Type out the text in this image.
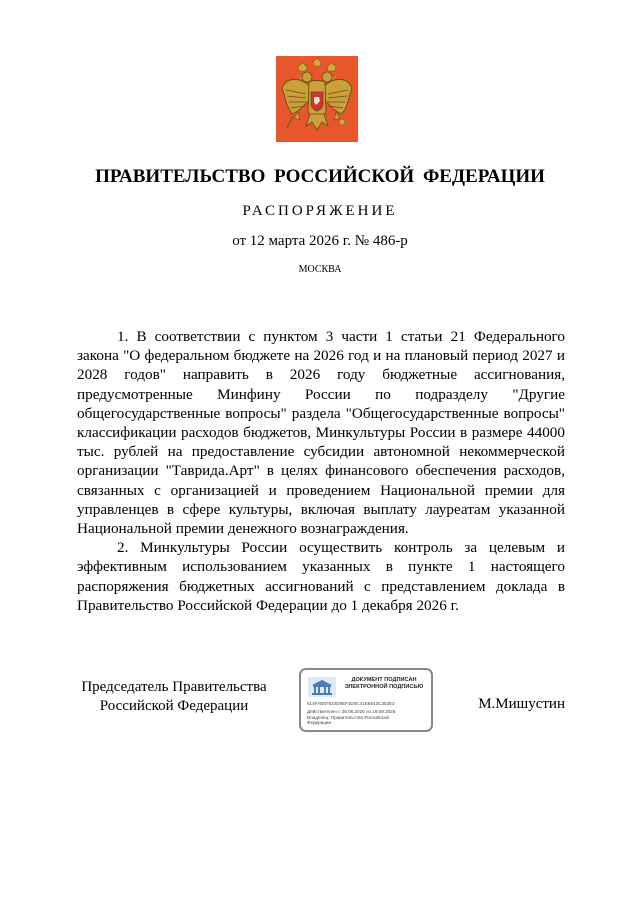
ПРАВИТЕЛЬСТВО РОССИЙСКОЙ ФЕДЕРАЦИИ
РАСПОРЯЖЕНИЕ
от 12 марта 2026 г. № 486-р
МОСКВА

1. В соответствии с пунктом 3 части 1 статьи 21 Федерального закона "О федеральном бюджете на 2026 год и на плановый период 2027 и 2028 годов" направить в 2026 году бюджетные ассигнования, предусмотренные Минфину России по подразделу "Другие общегосударственные вопросы" раздела "Общегосударственные вопросы" классификации расходов бюджетов, Минкультуры России в размере 44000 тыс. рублей на предоставление субсидии автономной некоммерческой организации "Таврида.Арт" в целях финансового обеспечения расходов, связанных с организацией и проведением Национальной премии для управленцев в сфере культуры, включая выплату лауреатам указанной Национальной премии денежного вознаграждения.

2. Минкультуры России осуществить контроль за целевым и эффективным использованием указанных в пункте 1 настоящего распоряжения бюджетных ассигнований с представлением доклада в Правительство Российской Федерации до 1 декабря 2026 г.

Председатель Правительства
Российской Федерации
ДОКУМЕНТ ПОДПИСАН
ЭЛЕКТРОННОЙ ПОДПИСЬЮ
514FAB87810D9EF4D0C41E5543C303E3
Действителен с 26.06.2025 по 19.09.2026
Владелец: Правительство Российской
Федерации
М.Мишустин
